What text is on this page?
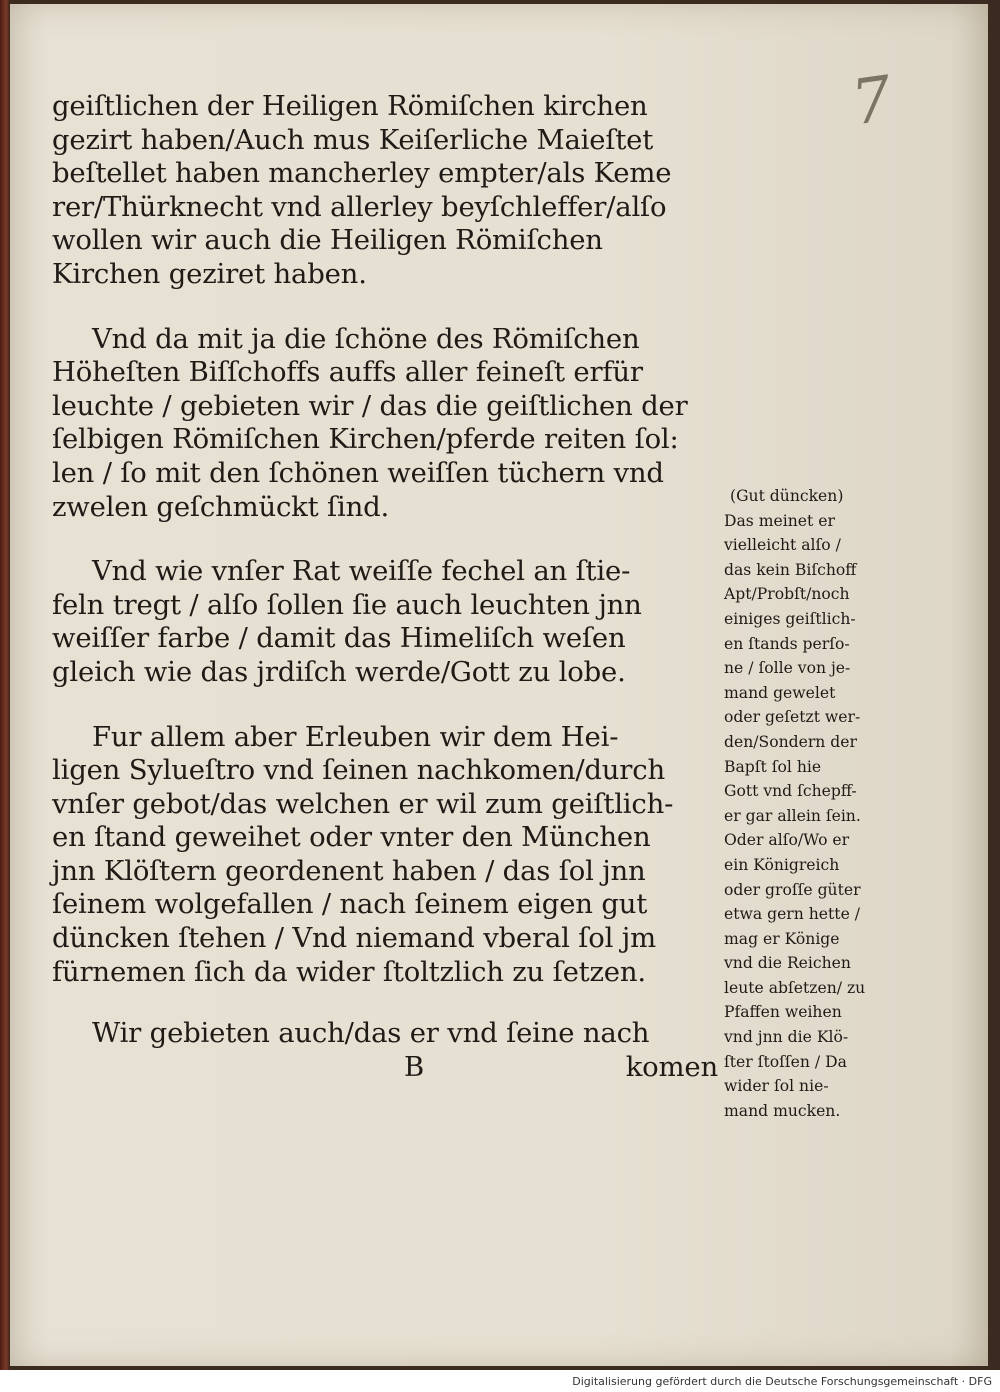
7
geiſtlichen der Heiligen Römiſchen kirchen
gezirt haben/Auch mus Keiſerliche Maieſtet
beſtellet haben mancherley empter/als Keme
rer/Thürknecht vnd allerley beyſchleffer/alſo
wollen wir auch die Heiligen Römiſchen
Kirchen geziret haben.
Vnd da mit ja die ſchöne des Römiſchen
Höheſten Biſſchoffs auffs aller feineſt erfür
leuchte / gebieten wir / das die geiſtlichen der
ſelbigen Römiſchen Kirchen/pferde reiten ſol:
len / ſo mit den ſchönen weiſſen tüchern vnd
zwelen geſchmückt ſind.
Vnd wie vnſer Rat weiſſe fechel an ſtie-
feln tregt / alſo ſollen ſie auch leuchten jnn
weiſſer farbe / damit das Himeliſch weſen
gleich wie das jrdiſch werde/Gott zu lobe.
Fur allem aber Erleuben wir dem Hei-
ligen Sylueſtro vnd ſeinen nachkomen/durch
vnſer gebot/das welchen er wil zum geiſtlich-
en ſtand geweihet oder vnter den München
jnn Klöſtern geordenent haben / das ſol jnn
ſeinem wolgefallen / nach ſeinem eigen gut
düncken ſtehen / Vnd niemand vberal ſol jm
fürnemen ſich da wider ſtoltzlich zu ſetzen.
Wir gebieten auch/das er vnd ſeine nach
B	komen
(Gut düncken)
Das meinet er
vielleicht alſo /
das kein Biſchoff
Apt/Probſt/noch
einiges geiſtlich-
en ſtands perſo-
ne / ſolle von je-
mand gewelet
oder geſetzt wer-
den/Sondern der
Bapſt ſol hie
Gott vnd ſchepff-
er gar allein ſein.
Oder alſo/Wo er
ein Königreich
oder groſſe güter
etwa gern hette /
mag er Könige
vnd die Reichen
leute abſetzen/ zu
Pfaffen weihen
vnd jnn die Klö-
ſter ſtoſſen / Da
wider ſol nie-
mand mucken.
Digitalisierung gefördert durch die Deutsche Forschungsgemeinschaft · DFG
